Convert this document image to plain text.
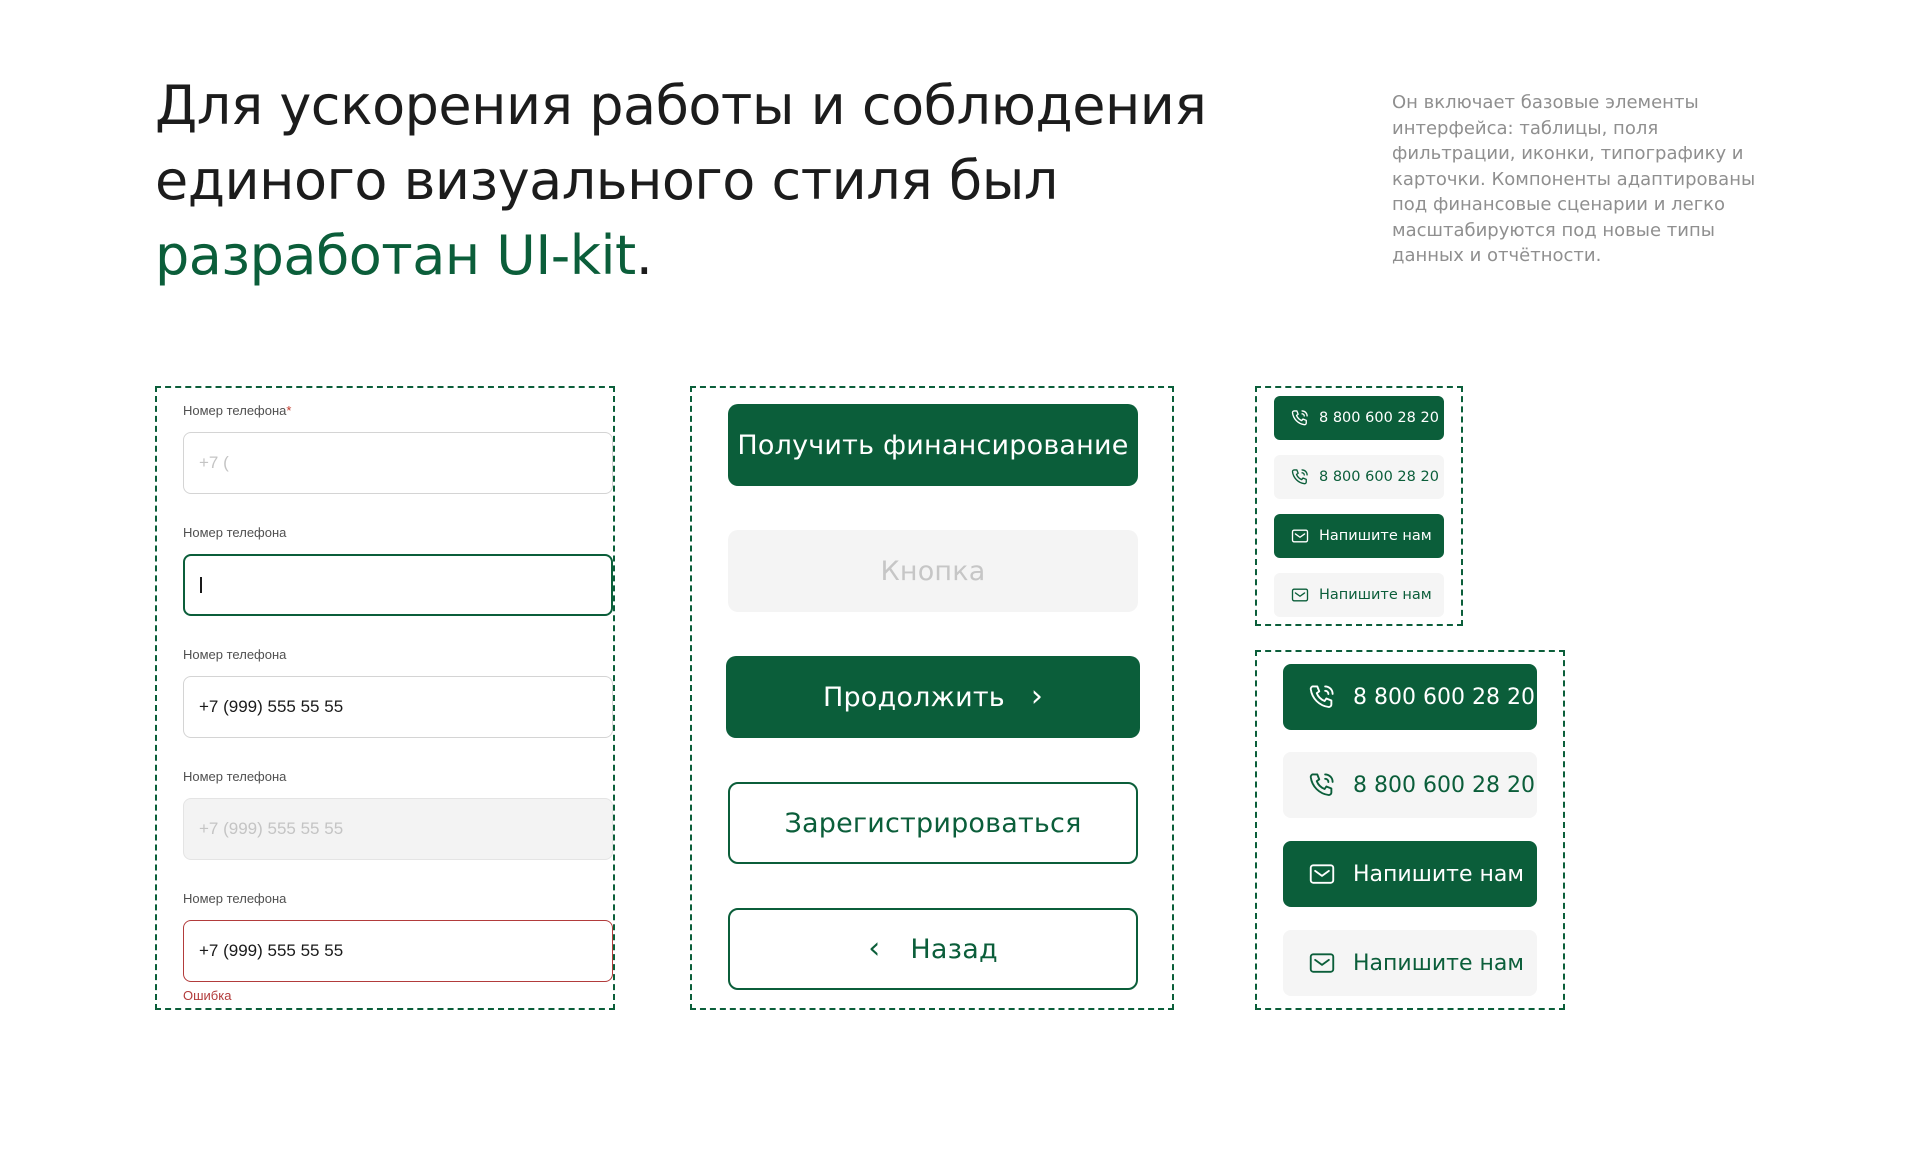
Для ускорения работы и соблюдения
единого визуального стиля был
разработан UI-kit.

Он включает базовые элементы интерфейса: таблицы, поля фильтрации, иконки, типографику и карточки. Компоненты адаптированы под финансовые сценарии и легко масштабируются под новые типы данных и отчётности.

Номер телефона*
+7 (
Номер телефона
Номер телефона
+7 (999) 555 55 55
Номер телефона
+7 (999) 555 55 55
Номер телефона
+7 (999) 555 55 55
Ошибка
Получить финансирование
Кнопка
Продолжить ›
Зарегистрироваться
‹ Назад
8 800 600 28 20
8 800 600 28 20
Напишите нам
Напишите нам
8 800 600 28 20
8 800 600 28 20
Напишите нам
Напишите нам
